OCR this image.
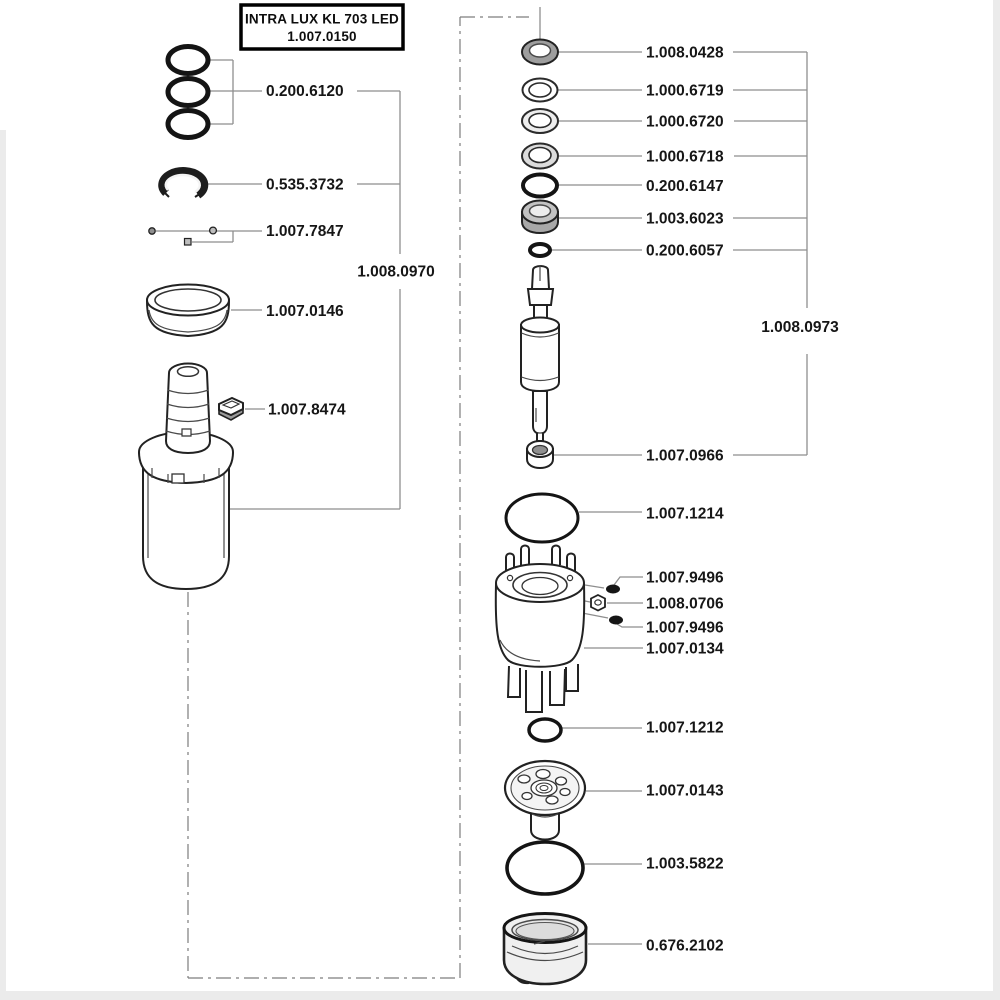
0.200.6120
0.535.3732
1.007.7847
1.008.0970
1.007.0146
1.007.8474
1.008.0428
1.000.6719
1.000.6720
1.000.6718
0.200.6147
1.003.6023
0.200.6057
1.008.0973
1.007.0966
1.007.1214
1.007.9496
1.008.0706
1.007.9496
1.007.0134
1.007.1212
1.007.0143
1.003.5822
0.676.2102
INTRA LUX KL 703 LED
1.007.0150
